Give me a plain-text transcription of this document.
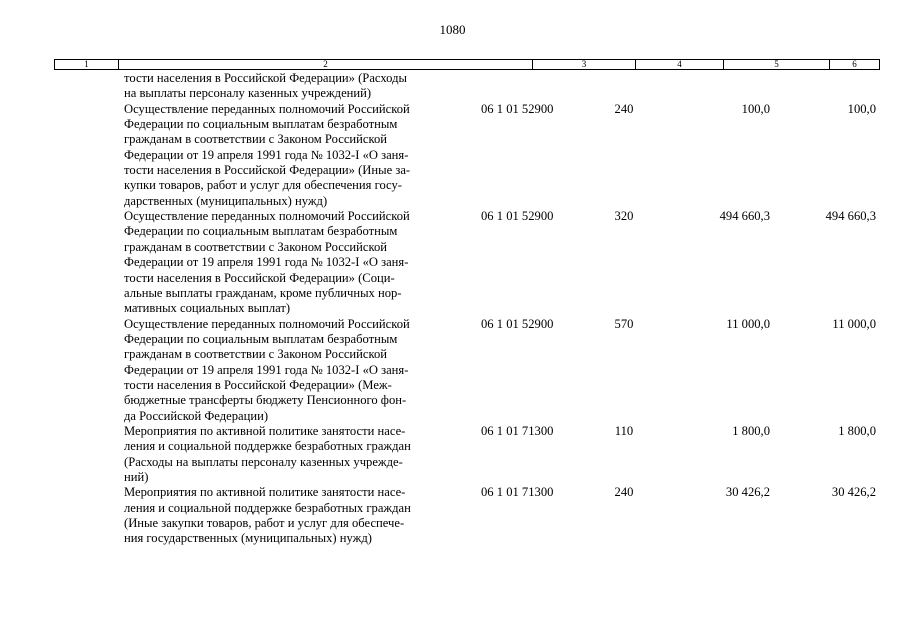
1080
1	2	3	4	5	6
тости населения в Российской Федерации» (Расходы
на выплаты персоналу казенных учреждений)
Осуществление переданных полномочий Российской
Федерации по социальным выплатам безработным
гражданам в соответствии с Законом Российской
Федерации от 19 апреля 1991 года № 1032-I «О заня-
тости населения в Российской Федерации» (Иные за-
купки товаров, работ и услуг для обеспечения госу-
дарственных (муниципальных) нужд)
06 1 01 52900	240	100,0	100,0
Осуществление переданных полномочий Российской
Федерации по социальным выплатам безработным
гражданам в соответствии с Законом Российской
Федерации от 19 апреля 1991 года № 1032-I «О заня-
тости населения в Российской Федерации» (Соци-
альные выплаты гражданам, кроме публичных нор-
мативных социальных выплат)
06 1 01 52900	320	494 660,3	494 660,3
Осуществление переданных полномочий Российской
Федерации по социальным выплатам безработным
гражданам в соответствии с Законом Российской
Федерации от 19 апреля 1991 года № 1032-I «О заня-
тости населения в Российской Федерации» (Меж-
бюджетные трансферты бюджету Пенсионного фон-
да Российской Федерации)
06 1 01 52900	570	11 000,0	11 000,0
Мероприятия по активной политике занятости насе-
ления и социальной поддержке безработных граждан
(Расходы на выплаты персоналу казенных учрежде-
ний)
06 1 01 71300	110	1 800,0	1 800,0
Мероприятия по активной политике занятости насе-
ления и социальной поддержке безработных граждан
(Иные закупки товаров, работ и услуг для обеспече-
ния государственных (муниципальных) нужд)
06 1 01 71300	240	30 426,2	30 426,2
